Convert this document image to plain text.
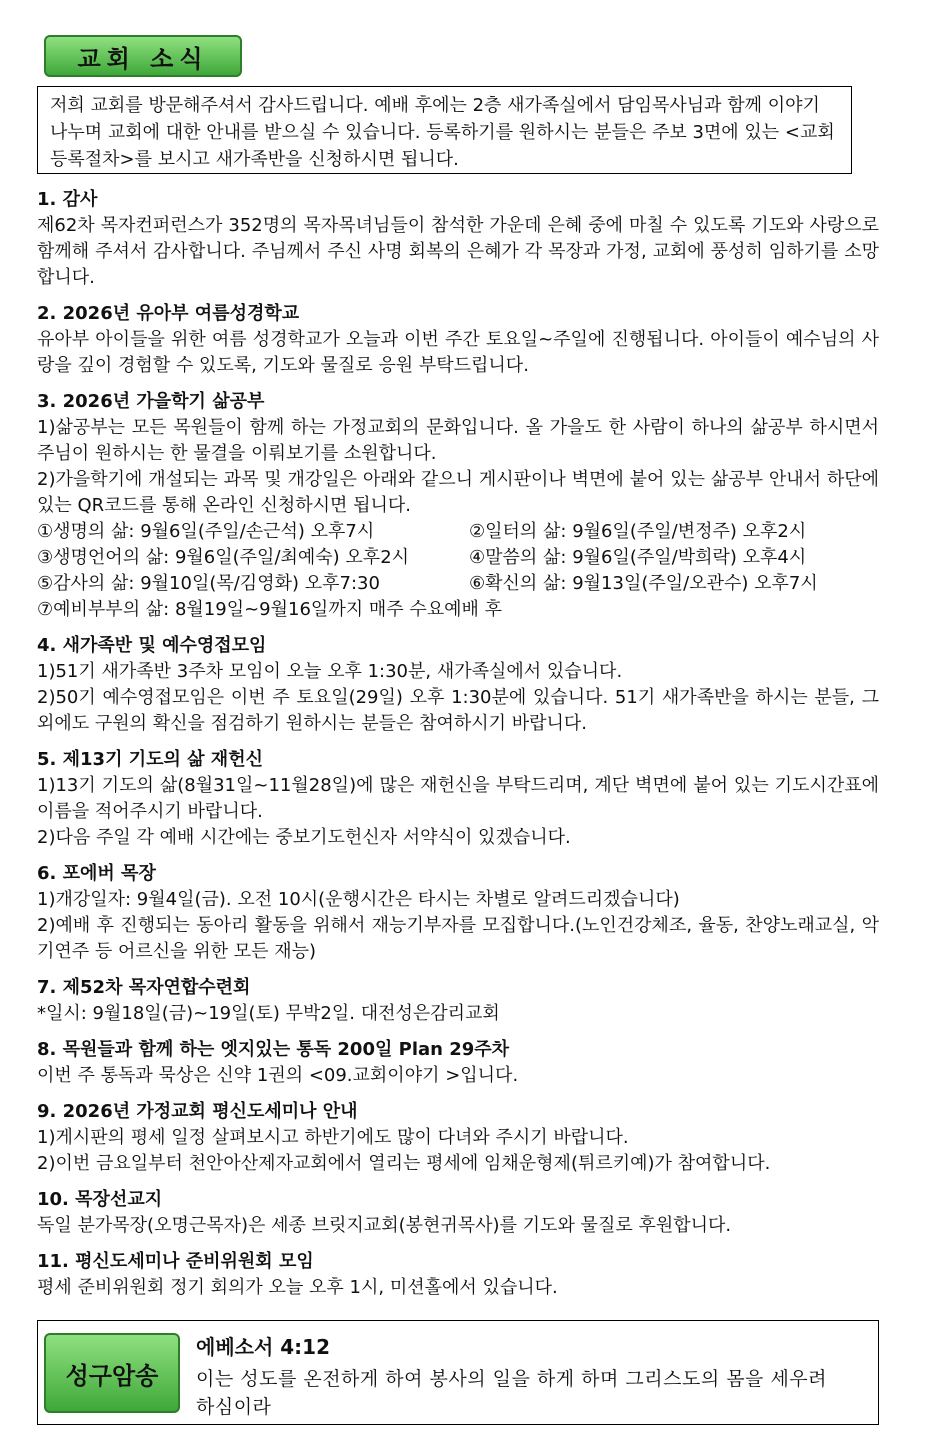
교회 소식
저희 교회를 방문해주셔서 감사드립니다. 예배 후에는 2층 새가족실에서 담임목사님과 함께 이야기 나누며 교회에 대한 안내를 받으실 수 있습니다. 등록하기를 원하시는 분들은 주보 3면에 있는 <교회등록절차>를 보시고 새가족반을 신청하시면 됩니다.
1. 감사
제62차 목자컨퍼런스가 352명의 목자목녀님들이 참석한 가운데 은혜 중에 마칠 수 있도록 기도와 사랑으로 함께해 주셔서 감사합니다. 주님께서 주신 사명 회복의 은혜가 각 목장과 가정, 교회에 풍성히 임하기를 소망합니다.
2. 2026년 유아부 여름성경학교
유아부 아이들을 위한 여름 성경학교가 오늘과 이번 주간 토요일~주일에 진행됩니다. 아이들이 예수님의 사랑을 깊이 경험할 수 있도록, 기도와 물질로 응원 부탁드립니다.
3. 2026년 가을학기 삶공부
1)삶공부는 모든 목원들이 함께 하는 가정교회의 문화입니다. 올 가을도 한 사람이 하나의 삶공부 하시면서 주님이 원하시는 한 물결을 이뤄보기를 소원합니다.
2)가을학기에 개설되는 과목 및 개강일은 아래와 같으니 게시판이나 벽면에 붙어 있는 삶공부 안내서 하단에 있는 QR코드를 통해 온라인 신청하시면 됩니다.
①생명의 삶: 9월6일(주일/손근석) 오후7시	②일터의 삶: 9월6일(주일/변정주) 오후2시
③생명언어의 삶: 9월6일(주일/최예숙) 오후2시	④말씀의 삶: 9월6일(주일/박희락) 오후4시
⑤감사의 삶: 9월10일(목/김영화) 오후7:30	⑥확신의 삶: 9월13일(주일/오관수) 오후7시
⑦예비부부의 삶: 8월19일~9월16일까지 매주 수요예배 후
4. 새가족반 및 예수영접모임
1)51기 새가족반 3주차 모임이 오늘 오후 1:30분, 새가족실에서 있습니다.
2)50기 예수영접모임은 이번 주 토요일(29일) 오후 1:30분에 있습니다. 51기 새가족반을 하시는 분들, 그 외에도 구원의 확신을 점검하기 원하시는 분들은 참여하시기 바랍니다.
5. 제13기 기도의 삶 재헌신
1)13기 기도의 삶(8월31일~11월28일)에 많은 재헌신을 부탁드리며, 계단 벽면에 붙어 있는 기도시간표에 이름을 적어주시기 바랍니다.
2)다음 주일 각 예배 시간에는 중보기도헌신자 서약식이 있겠습니다.
6. 포에버 목장
1)개강일자: 9월4일(금). 오전 10시(운행시간은 타시는 차별로 알려드리겠습니다)
2)예배 후 진행되는 동아리 활동을 위해서 재능기부자를 모집합니다.(노인건강체조, 율동, 찬양노래교실, 악기연주 등 어르신을 위한 모든 재능)
7. 제52차 목자연합수련회
*일시: 9월18일(금)~19일(토) 무박2일. 대전성은감리교회
8. 목원들과 함께 하는 엣지있는 통독 200일 Plan 29주차
이번 주 통독과 묵상은 신약 1권의 <09.교회이야기 >입니다.
9. 2026년 가정교회 평신도세미나 안내
1)게시판의 평세 일정 살펴보시고 하반기에도 많이 다녀와 주시기 바랍니다.
2)이번 금요일부터 천안아산제자교회에서 열리는 평세에 임채운형제(튀르키예)가 참여합니다.
10. 목장선교지
독일 분가목장(오명근목자)은 세종 브릿지교회(봉현귀목사)를 기도와 물질로 후원합니다.
11. 평신도세미나 준비위원회 모임
평세 준비위원회 정기 회의가 오늘 오후 1시, 미션홀에서 있습니다.
성구암송
에베소서 4:12
이는 성도를 온전하게 하여 봉사의 일을 하게 하며 그리스도의 몸을 세우려 하심이라
